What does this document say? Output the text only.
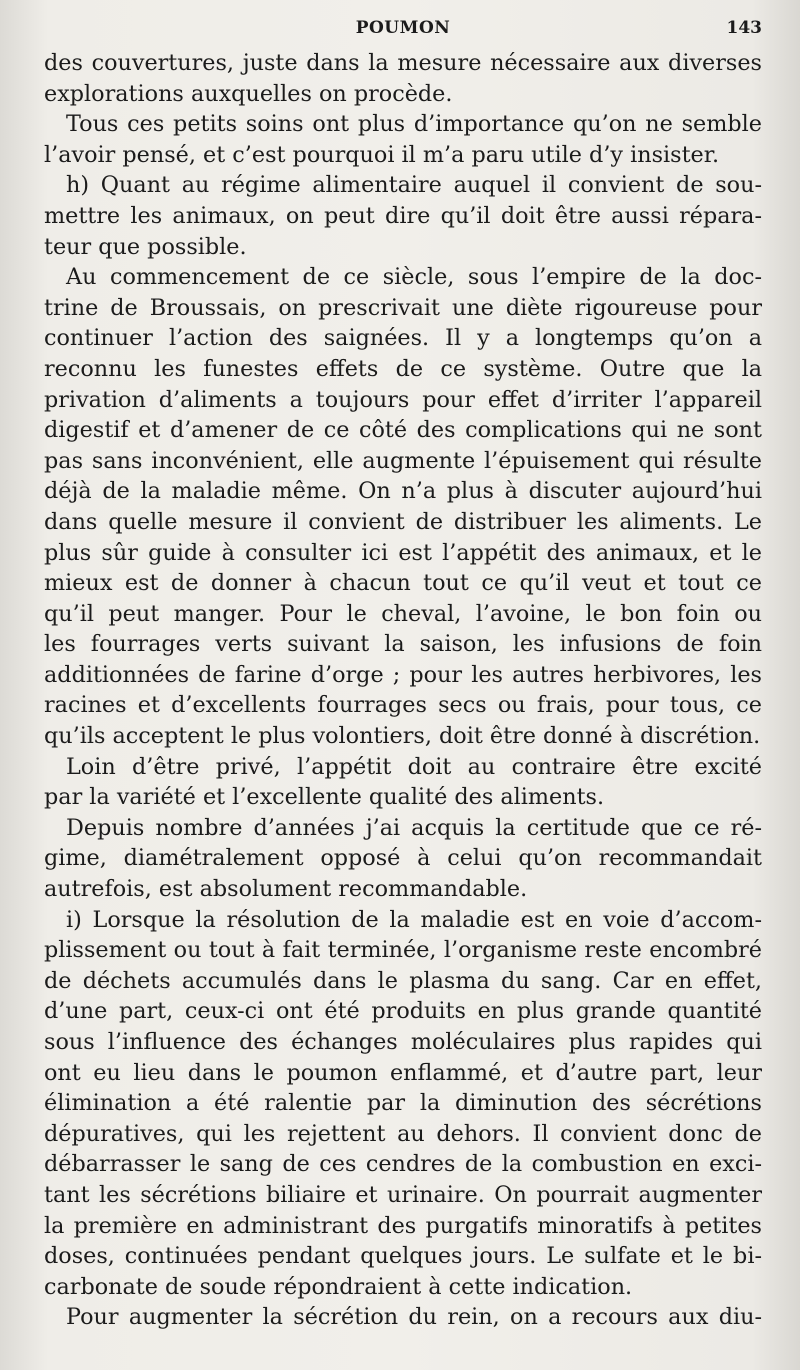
POUMON	143
des couvertures, juste dans la mesure nécessaire aux diverses
explorations auxquelles on procède.
Tous ces petits soins ont plus d’importance qu’on ne semble
l’avoir pensé, et c’est pourquoi il m’a paru utile d’y insister.
h) Quant au régime alimentaire auquel il convient de sou-
mettre les animaux, on peut dire qu’il doit être aussi répara-
teur que possible.
Au commencement de ce siècle, sous l’empire de la doc-
trine de Broussais, on prescrivait une diète rigoureuse pour
continuer l’action des saignées. Il y a longtemps qu’on a
reconnu les funestes effets de ce système. Outre que la
privation d’aliments a toujours pour effet d’irriter l’appareil
digestif et d’amener de ce côté des complications qui ne sont
pas sans inconvénient, elle augmente l’épuisement qui résulte
déjà de la maladie même. On n’a plus à discuter aujourd’hui
dans quelle mesure il convient de distribuer les aliments. Le
plus sûr guide à consulter ici est l’appétit des animaux, et le
mieux est de donner à chacun tout ce qu’il veut et tout ce
qu’il peut manger. Pour le cheval, l’avoine, le bon foin ou
les fourrages verts suivant la saison, les infusions de foin
additionnées de farine d’orge ; pour les autres herbivores, les
racines et d’excellents fourrages secs ou frais, pour tous, ce
qu’ils acceptent le plus volontiers, doit être donné à discrétion.
Loin d’être privé, l’appétit doit au contraire être excité
par la variété et l’excellente qualité des aliments.
Depuis nombre d’années j’ai acquis la certitude que ce ré-
gime, diamétralement opposé à celui qu’on recommandait
autrefois, est absolument recommandable.
i) Lorsque la résolution de la maladie est en voie d’accom-
plissement ou tout à fait terminée, l’organisme reste encombré
de déchets accumulés dans le plasma du sang. Car en effet,
d’une part, ceux-ci ont été produits en plus grande quantité
sous l’influence des échanges moléculaires plus rapides qui
ont eu lieu dans le poumon enflammé, et d’autre part, leur
élimination a été ralentie par la diminution des sécrétions
dépuratives, qui les rejettent au dehors. Il convient donc de
débarrasser le sang de ces cendres de la combustion en exci-
tant les sécrétions biliaire et urinaire. On pourrait augmenter
la première en administrant des purgatifs minoratifs à petites
doses, continuées pendant quelques jours. Le sulfate et le bi-
carbonate de soude répondraient à cette indication.
Pour augmenter la sécrétion du rein, on a recours aux diu-
